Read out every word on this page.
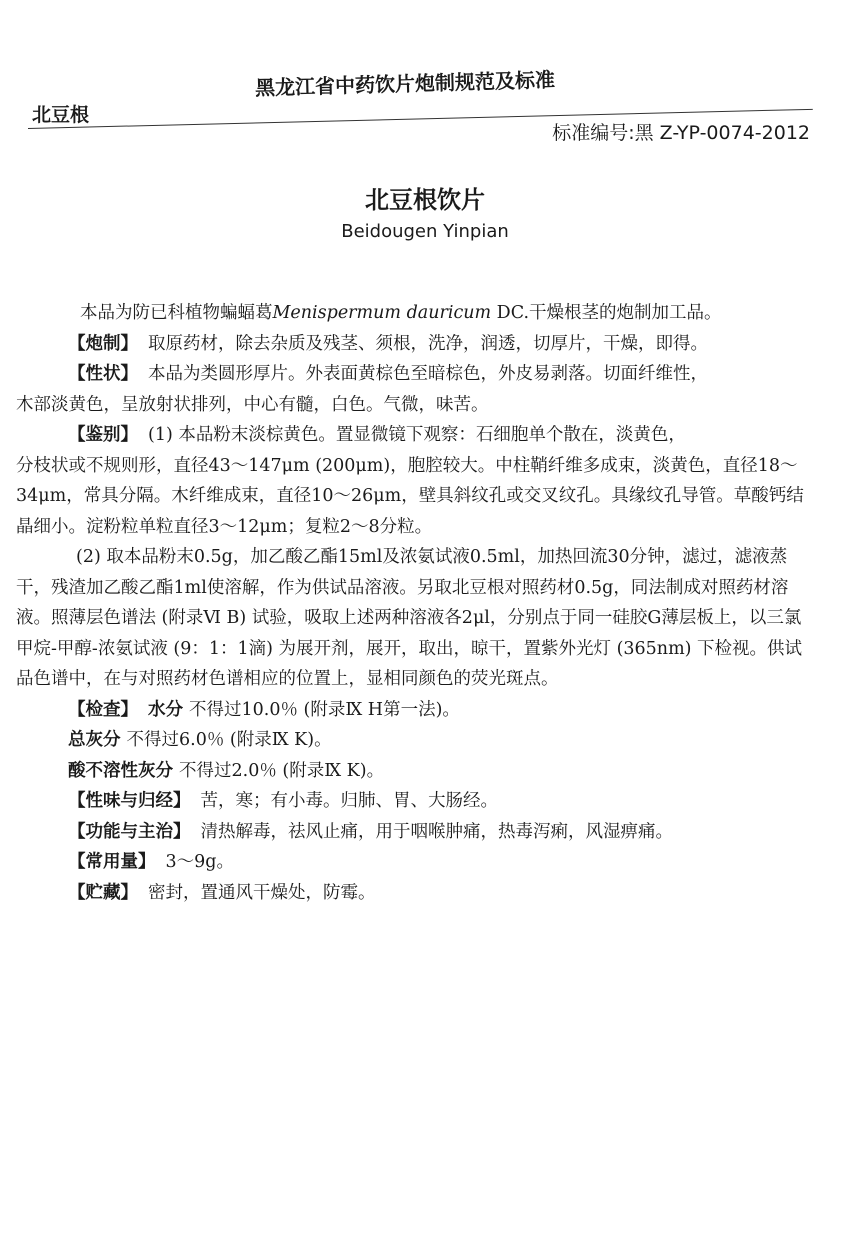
北豆根
黑龙江省中药饮片炮制规范及标准
标准编号:黑 Z-YP-0074-2012
北豆根饮片
Beidougen Yinpian

本品为防已科植物蝙蝠葛Menispermum dauricum DC.干燥根茎的炮制加工品。

【炮制】 取原药材，除去杂质及残茎、须根，洗净，润透，切厚片，干燥，即得。

【性状】 本品为类圆形厚片。外表面黄棕色至暗棕色，外皮易剥落。切面纤维性，

木部淡黄色，呈放射状排列，中心有髓，白色。气微，味苦。

【鉴别】 (1) 本品粉末淡棕黄色。置显微镜下观察：石细胞单个散在，淡黄色，

分枝状或不规则形，直径43～147μm (200μm)，胞腔较大。中柱鞘纤维多成束，淡黄色，直径18～34μm，常具分隔。木纤维成束，直径10～26μm，壁具斜纹孔或交叉纹孔。具缘纹孔导管。草酸钙结晶细小。淀粉粒单粒直径3～12μm；复粒2～8分粒。

(2) 取本品粉末0.5g，加乙酸乙酯15ml及浓氨试液0.5ml，加热回流30分钟，滤过，滤液蒸干，残渣加乙酸乙酯1ml使溶解，作为供试品溶液。另取北豆根对照药材0.5g，同法制成对照药材溶液。照薄层色谱法 (附录Ⅵ B) 试验，吸取上述两种溶液各2μl，分别点于同一硅胶G薄层板上，以三氯甲烷-甲醇-浓氨试液 (9：1：1滴) 为展开剂，展开，取出，晾干，置紫外光灯 (365nm) 下检视。供试品色谱中，在与对照药材色谱相应的位置上，显相同颜色的荧光斑点。

【检查】 水分 不得过10.0％ (附录Ⅸ H第一法)。

总灰分 不得过6.0％ (附录Ⅸ K)。

酸不溶性灰分 不得过2.0％ (附录Ⅸ K)。

【性味与归经】 苦，寒；有小毒。归肺、胃、大肠经。

【功能与主治】 清热解毒，祛风止痛，用于咽喉肿痛，热毒泻痢，风湿痹痛。

【常用量】 3～9g。

【贮藏】 密封，置通风干燥处，防霉。
